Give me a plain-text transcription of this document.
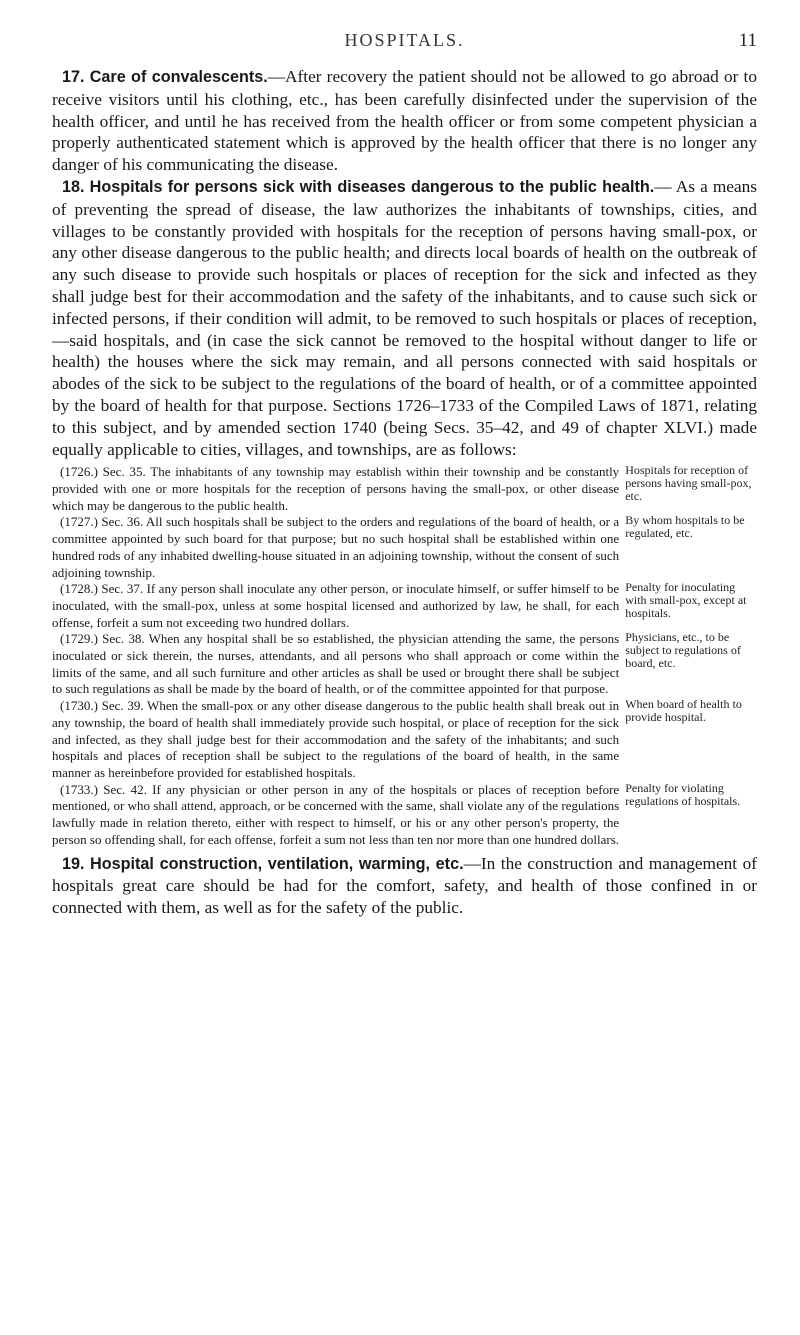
HOSPITALS.	11

17. Care of convalescents.—After recovery the patient should not be allowed to go abroad or to receive visitors until his clothing, etc., has been carefully disinfected under the supervision of the health officer, and until he has received from the health officer or from some competent physician a properly authenticated statement which is approved by the health officer that there is no longer any danger of his communicating the disease.

18. Hospitals for persons sick with diseases dangerous to the public health.— As a means of preventing the spread of disease, the law authorizes the inhabitants of townships, cities, and villages to be constantly provided with hospitals for the reception of persons having small-pox, or any other disease dangerous to the public health; and directs local boards of health on the outbreak of any such disease to provide such hospitals or places of reception for the sick and infected as they shall judge best for their accommodation and the safety of the inhabitants, and to cause such sick or infected persons, if their condition will admit, to be removed to such hospitals or places of reception,—said hospitals, and (in case the sick cannot be removed to the hospital without danger to life or health) the houses where the sick may remain, and all persons connected with said hospitals or abodes of the sick to be subject to the regulations of the board of health, or of a committee appointed by the board of health for that purpose. Sections 1726–1733 of the Compiled Laws of 1871, relating to this subject, and by amended section 1740 (being Secs. 35–42, and 49 of chapter XLVI.) made equally applicable to cities, villages, and townships, are as follows:

(1726.) Sec. 35. The inhabitants of any township may establish within their township and be constantly provided with one or more hospitals for the reception of persons having the small-pox, or other disease which may be dangerous to the public health.

Hospitals for reception of persons having small-pox, etc.

(1727.) Sec. 36. All such hospitals shall be subject to the orders and regulations of the board of health, or a committee appointed by such board for that purpose; but no such hospital shall be established within one hundred rods of any inhabited dwelling-house situated in an adjoining township, without the consent of such adjoining township.

By whom hospitals to be regulated, etc.

(1728.) Sec. 37. If any person shall inoculate any other person, or inoculate himself, or suffer himself to be inoculated, with the small-pox, unless at some hospital licensed and authorized by law, he shall, for each offense, forfeit a sum not exceeding two hundred dollars.

Penalty for inoculating with small-pox, except at hospitals.

(1729.) Sec. 38. When any hospital shall be so established, the physician attending the same, the persons inoculated or sick therein, the nurses, attendants, and all persons who shall approach or come within the limits of the same, and all such furniture and other articles as shall be used or brought there shall be subject to such regulations as shall be made by the board of health, or of the committee appointed for that purpose.

Physicians, etc., to be subject to regulations of board, etc.

(1730.) Sec. 39. When the small-pox or any other disease dangerous to the public health shall break out in any township, the board of health shall immediately provide such hospital, or place of reception for the sick and infected, as they shall judge best for their accommodation and the safety of the inhabitants; and such hospitals and places of reception shall be subject to the regulations of the board of health, in the same manner as hereinbefore provided for established hospitals.

When board of health to provide hospital.

(1733.) Sec. 42. If any physician or other person in any of the hospitals or places of reception before mentioned, or who shall attend, approach, or be concerned with the same, shall violate any of the regulations lawfully made in relation thereto, either with respect to himself, or his or any other person's property, the person so offending shall, for each offense, forfeit a sum not less than ten nor more than one hundred dollars.

Penalty for violating regulations of hospitals.

19. Hospital construction, ventilation, warming, etc.—In the construction and management of hospitals great care should be had for the comfort, safety, and health of those confined in or connected with them, as well as for the safety of the public.
